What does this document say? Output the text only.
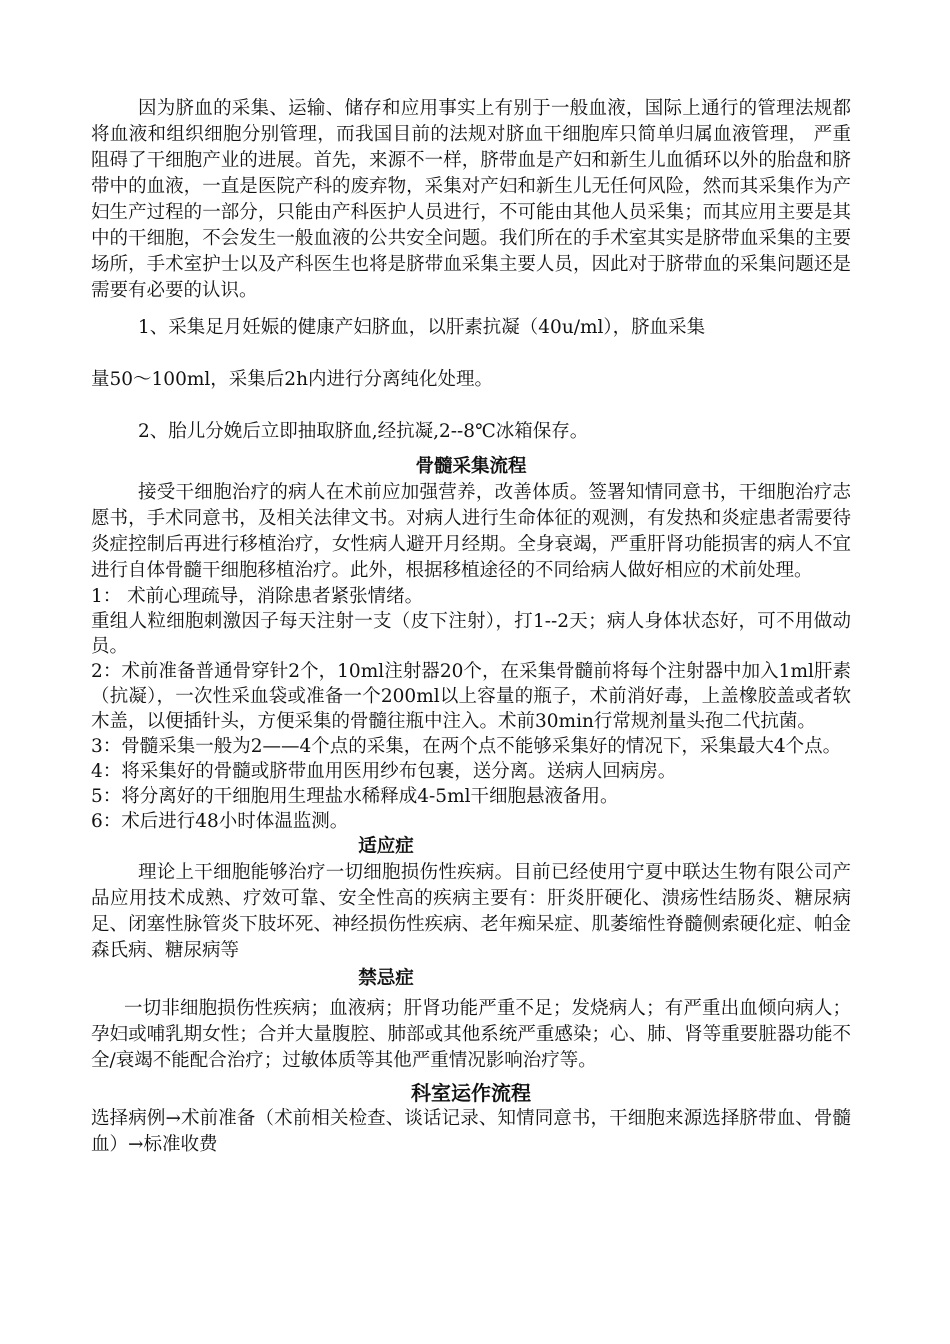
因为脐血的采集、运输、储存和应用事实上有别于一般血液，国际上通行的管理法规都将血液和组织细胞分别管理，而我国目前的法规对脐血干细胞库只简单归属血液管理， 严重阻碍了干细胞产业的进展。首先，来源不一样，脐带血是产妇和新生儿血循环以外的胎盘和脐带中的血液，一直是医院产科的废弃物，采集对产妇和新生儿无任何风险，然而其采集作为产妇生产过程的一部分，只能由产科医护人员进行，不可能由其他人员采集；而其应用主要是其中的干细胞，不会发生一般血液的公共安全问题。我们所在的手术室其实是脐带血采集的主要场所，手术室护士以及产科医生也将是脐带血采集主要人员，因此对于脐带血的采集问题还是需要有必要的认识。

1、采集足月妊娠的健康产妇脐血，以肝素抗凝（40u/ml），脐血采集

量50～100ml，采集后2h内进行分离纯化处理。

2、胎儿分娩后立即抽取脐血,经抗凝,2--8℃冰箱保存。

骨髓采集流程

接受干细胞治疗的病人在术前应加强营养，改善体质。签署知情同意书，干细胞治疗志愿书，手术同意书，及相关法律文书。对病人进行生命体征的观测，有发热和炎症患者需要待炎症控制后再进行移植治疗，女性病人避开月经期。全身衰竭，严重肝肾功能损害的病人不宜进行自体骨髓干细胞移植治疗。此外，根据移植途径的不同给病人做好相应的术前处理。

1： 术前心理疏导，消除患者紧张情绪。

重组人粒细胞刺激因子每天注射一支（皮下注射），打1--2天；病人身体状态好，可不用做动员。

2：术前准备普通骨穿针2个，10ml注射器20个，在采集骨髓前将每个注射器中加入1ml肝素（抗凝），一次性采血袋或准备一个200ml以上容量的瓶子，术前消好毒，上盖橡胶盖或者软木盖，以便插针头，方便采集的骨髓往瓶中注入。术前30min行常规剂量头孢二代抗菌。

3：骨髓采集一般为2——4个点的采集，在两个点不能够采集好的情况下，采集最大4个点。

4：将采集好的骨髓或脐带血用医用纱布包裹，送分离。送病人回病房。

5：将分离好的干细胞用生理盐水稀释成4-5ml干细胞悬液备用。

6：术后进行48小时体温监测。

适应症

理论上干细胞能够治疗一切细胞损伤性疾病。目前已经使用宁夏中联达生物有限公司产品应用技术成熟、疗效可靠、安全性高的疾病主要有：肝炎肝硬化、溃疡性结肠炎、糖尿病足、闭塞性脉管炎下肢坏死、神经损伤性疾病、老年痴呆症、肌萎缩性脊髓侧索硬化症、帕金森氏病、糖尿病等

禁忌症

一切非细胞损伤性疾病；血液病；肝肾功能严重不足；发烧病人；有严重出血倾向病人；孕妇或哺乳期女性；合并大量腹腔、肺部或其他系统严重感染；心、肺、肾等重要脏器功能不全/衰竭不能配合治疗；过敏体质等其他严重情况影响治疗等。

科室运作流程

选择病例→术前准备（术前相关检查、谈话记录、知情同意书，干细胞来源选择脐带血、骨髓血）→标准收费
